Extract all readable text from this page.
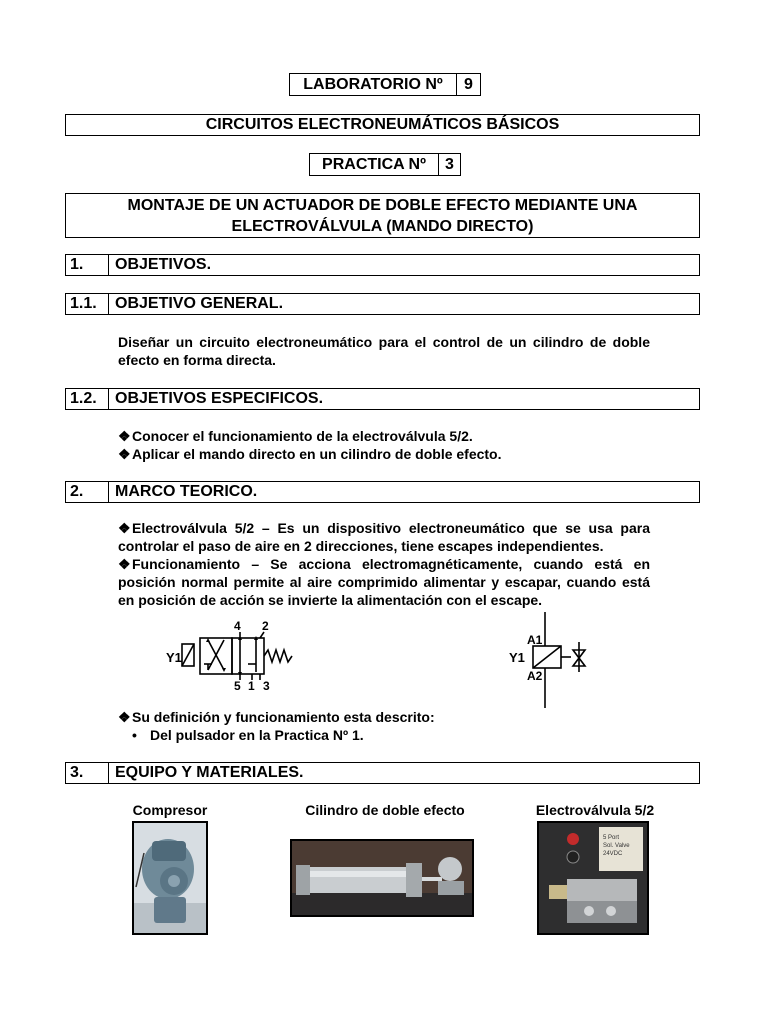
LABORATORIO Nº	9
CIRCUITOS ELECTRONEUMÁTICOS BÁSICOS
PRACTICA Nº	3
MONTAJE DE UN ACTUADOR DE DOBLE EFECTO MEDIANTE UNA
ELECTROVÁLVULA (MANDO DIRECTO)
1.	OBJETIVOS.
1.1.	OBJETIVO GENERAL.
Diseñar un circuito electroneumático para el control de un cilindro de doble efecto en forma directa.
1.2.	OBJETIVOS ESPECIFICOS.
❖Conocer el funcionamiento de la electroválvula 5/2.
❖Aplicar el mando directo en un cilindro de doble efecto.
2.	MARCO TEORICO.
❖Electroválvula 5/2 – Es un dispositivo electroneumático que se usa para controlar el paso de aire en 2 direcciones, tiene escapes independientes.
❖Funcionamiento – Se acciona electromagnéticamente, cuando está en posición normal permite al aire comprimido alimentar y escapar, cuando está en posición de acción se invierte la alimentación con el escape.
Y1
4 2
5 1 3
A1
Y1
A2
❖Su definición y funcionamiento esta descrito:
• Del pulsador en la Practica Nº 1.
3.	EQUIPO Y MATERIALES.
Compresor	Cilindro de doble efecto	Electroválvula 5/2
5 Port
Sol. Valve
24VDC
